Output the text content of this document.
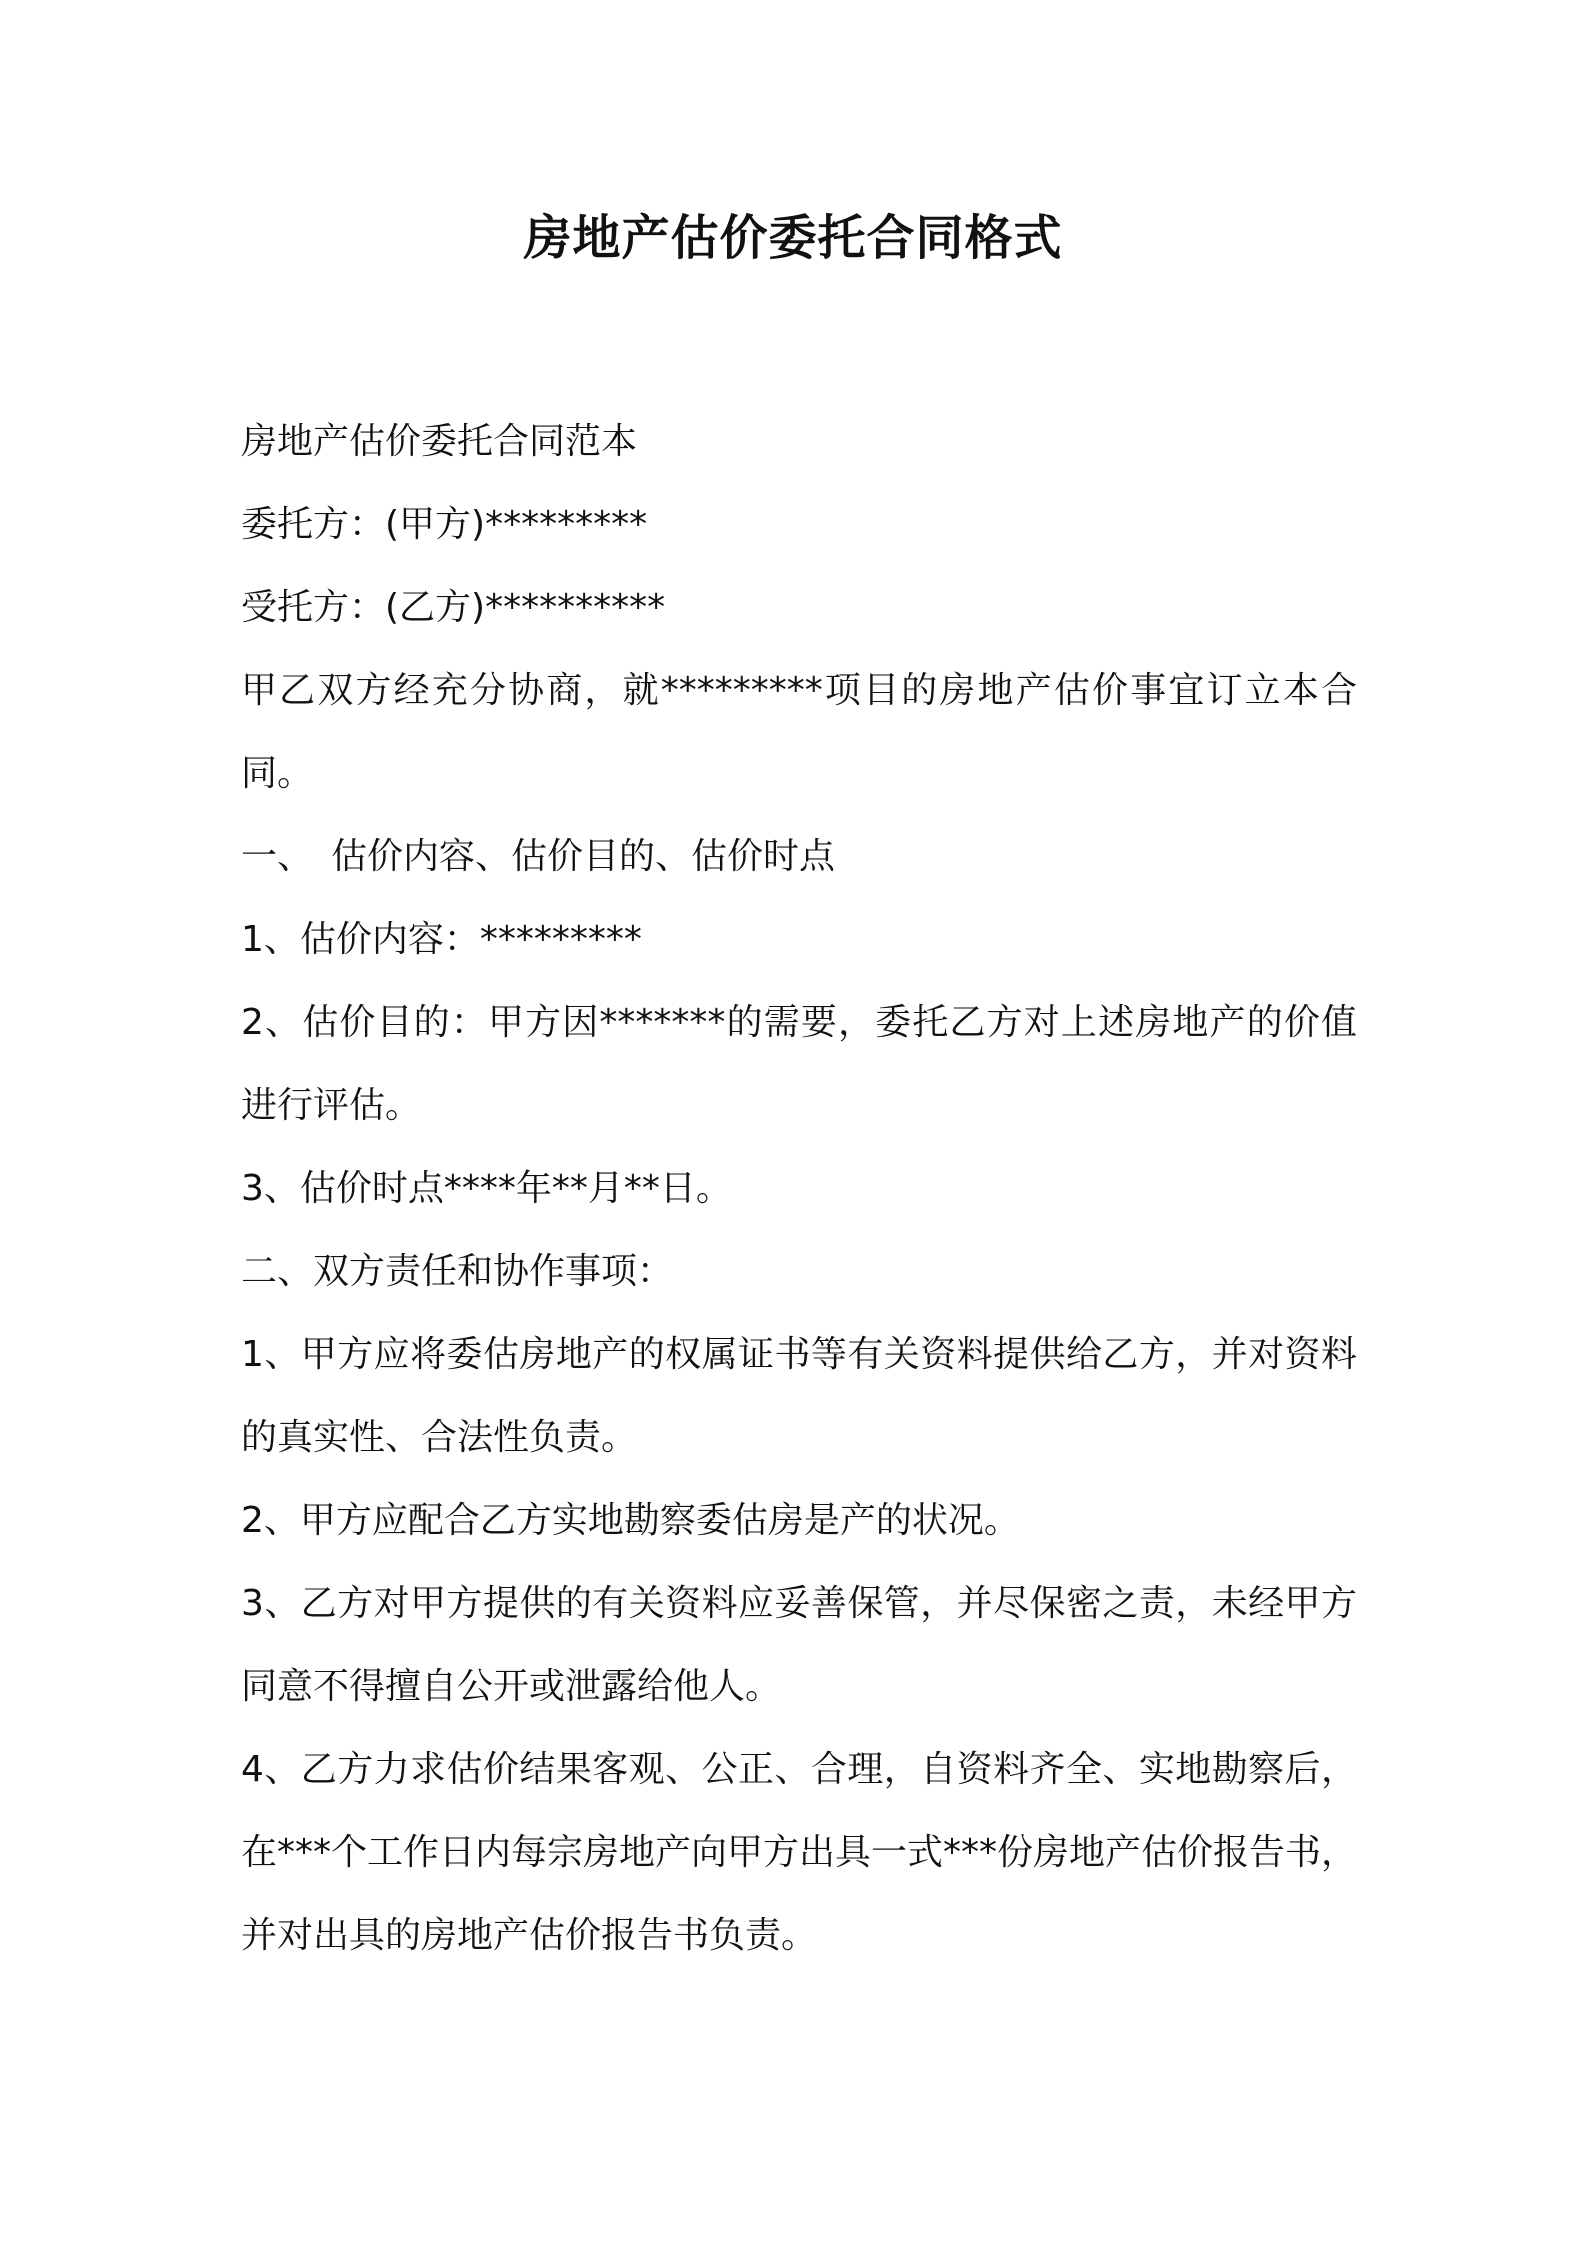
房地产估价委托合同格式

房地产估价委托合同范本

委托方：(甲方)*********

受托方：(乙方)**********

甲乙双方经充分协商，就*********项目的房地产估价事宜订立本合同。

一、　估价内容、估价目的、估价时点

1、估价内容：*********

2、估价目的：甲方因*******的需要，委托乙方对上述房地产的价值进行评估。

3、估价时点****年**月**日。

二、双方责任和协作事项：

1、甲方应将委估房地产的权属证书等有关资料提供给乙方，并对资料的真实性、合法性负责。

2、甲方应配合乙方实地勘察委估房是产的状况。

3、乙方对甲方提供的有关资料应妥善保管，并尽保密之责，未经甲方同意不得擅自公开或泄露给他人。

4、乙方力求估价结果客观、公正、合理，自资料齐全、实地勘察后，在***个工作日内每宗房地产向甲方出具一式***份房地产估价报告书，并对出具的房地产估价报告书负责。
